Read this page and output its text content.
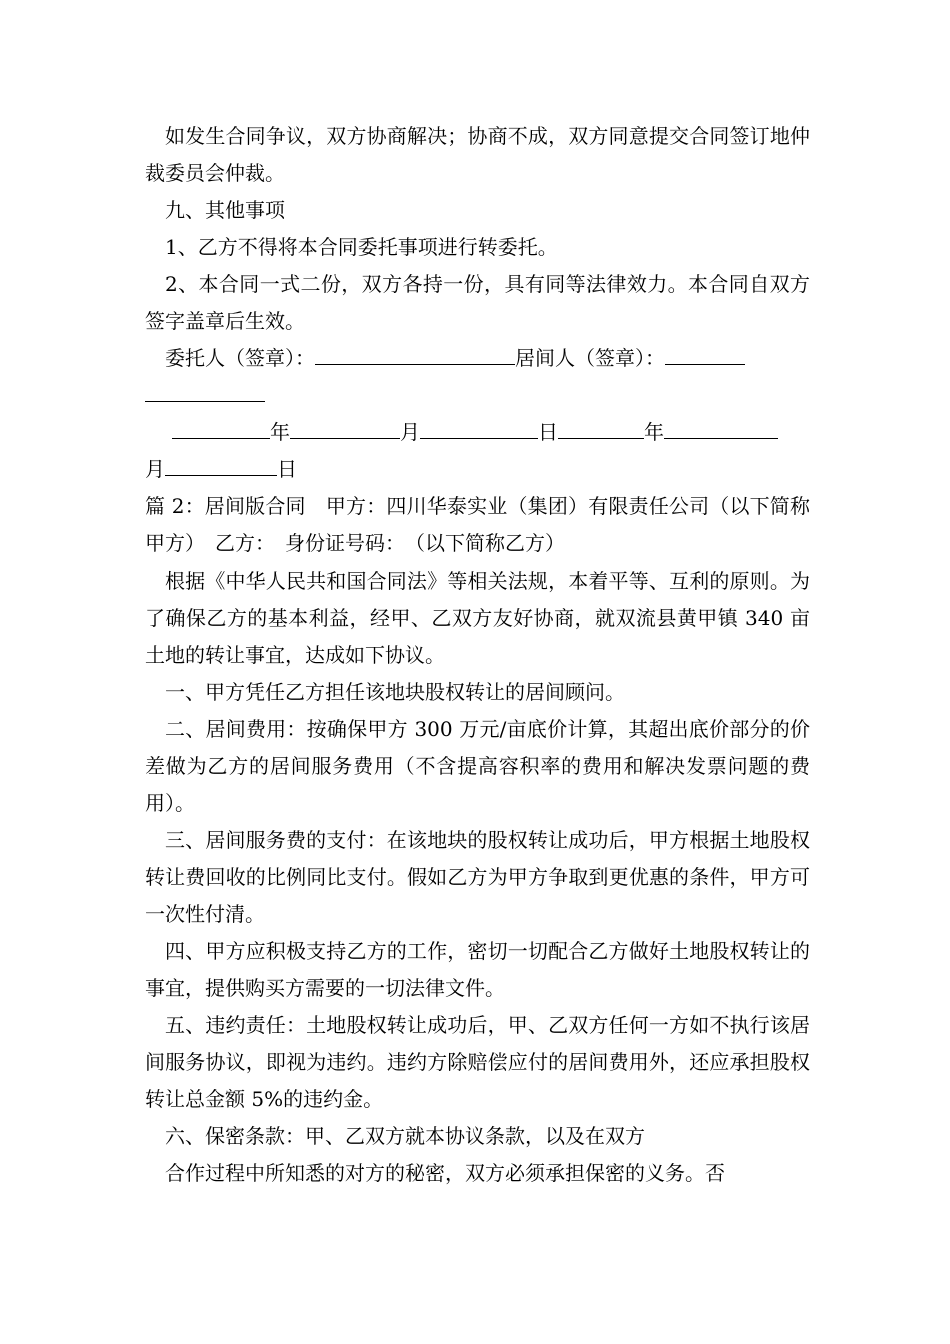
如发生合同争议，双方协商解决；协商不成，双方同意提交合同签订地仲裁委员会仲裁。

九、其他事项

1、乙方不得将本合同委托事项进行转委托。

2、本合同一式二份，双方各持一份，具有同等法律效力。本合同自双方签字盖章后生效。

委托人（签章）：	居间人（签章）：
年	月	日	年
月	日

篇 2：居间版合同　甲方：四川华泰实业（集团）有限责任公司（以下简称甲方）　乙方：　身份证号码：　（以下简称乙方）

根据《中华人民共和国合同法》等相关法规，本着平等、互利的原则。为了确保乙方的基本利益，经甲、乙双方友好协商，就双流县黄甲镇 340 亩土地的转让事宜，达成如下协议。

一、甲方凭任乙方担任该地块股权转让的居间顾问。

二、居间费用：按确保甲方 300 万元/亩底价计算，其超出底价部分的价差做为乙方的居间服务费用（不含提高容积率的费用和解决发票问题的费用）。

三、居间服务费的支付：在该地块的股权转让成功后，甲方根据土地股权转让费回收的比例同比支付。假如乙方为甲方争取到更优惠的条件，甲方可一次性付清。

四、甲方应积极支持乙方的工作，密切一切配合乙方做好土地股权转让的事宜，提供购买方需要的一切法律文件。

五、违约责任：土地股权转让成功后，甲、乙双方任何一方如不执行该居间服务协议，即视为违约。违约方除赔偿应付的居间费用外，还应承担股权转让总金额 5%的违约金。

六、保密条款：甲、乙双方就本协议条款，以及在双方

合作过程中所知悉的对方的秘密，双方必须承担保密的义务。否
